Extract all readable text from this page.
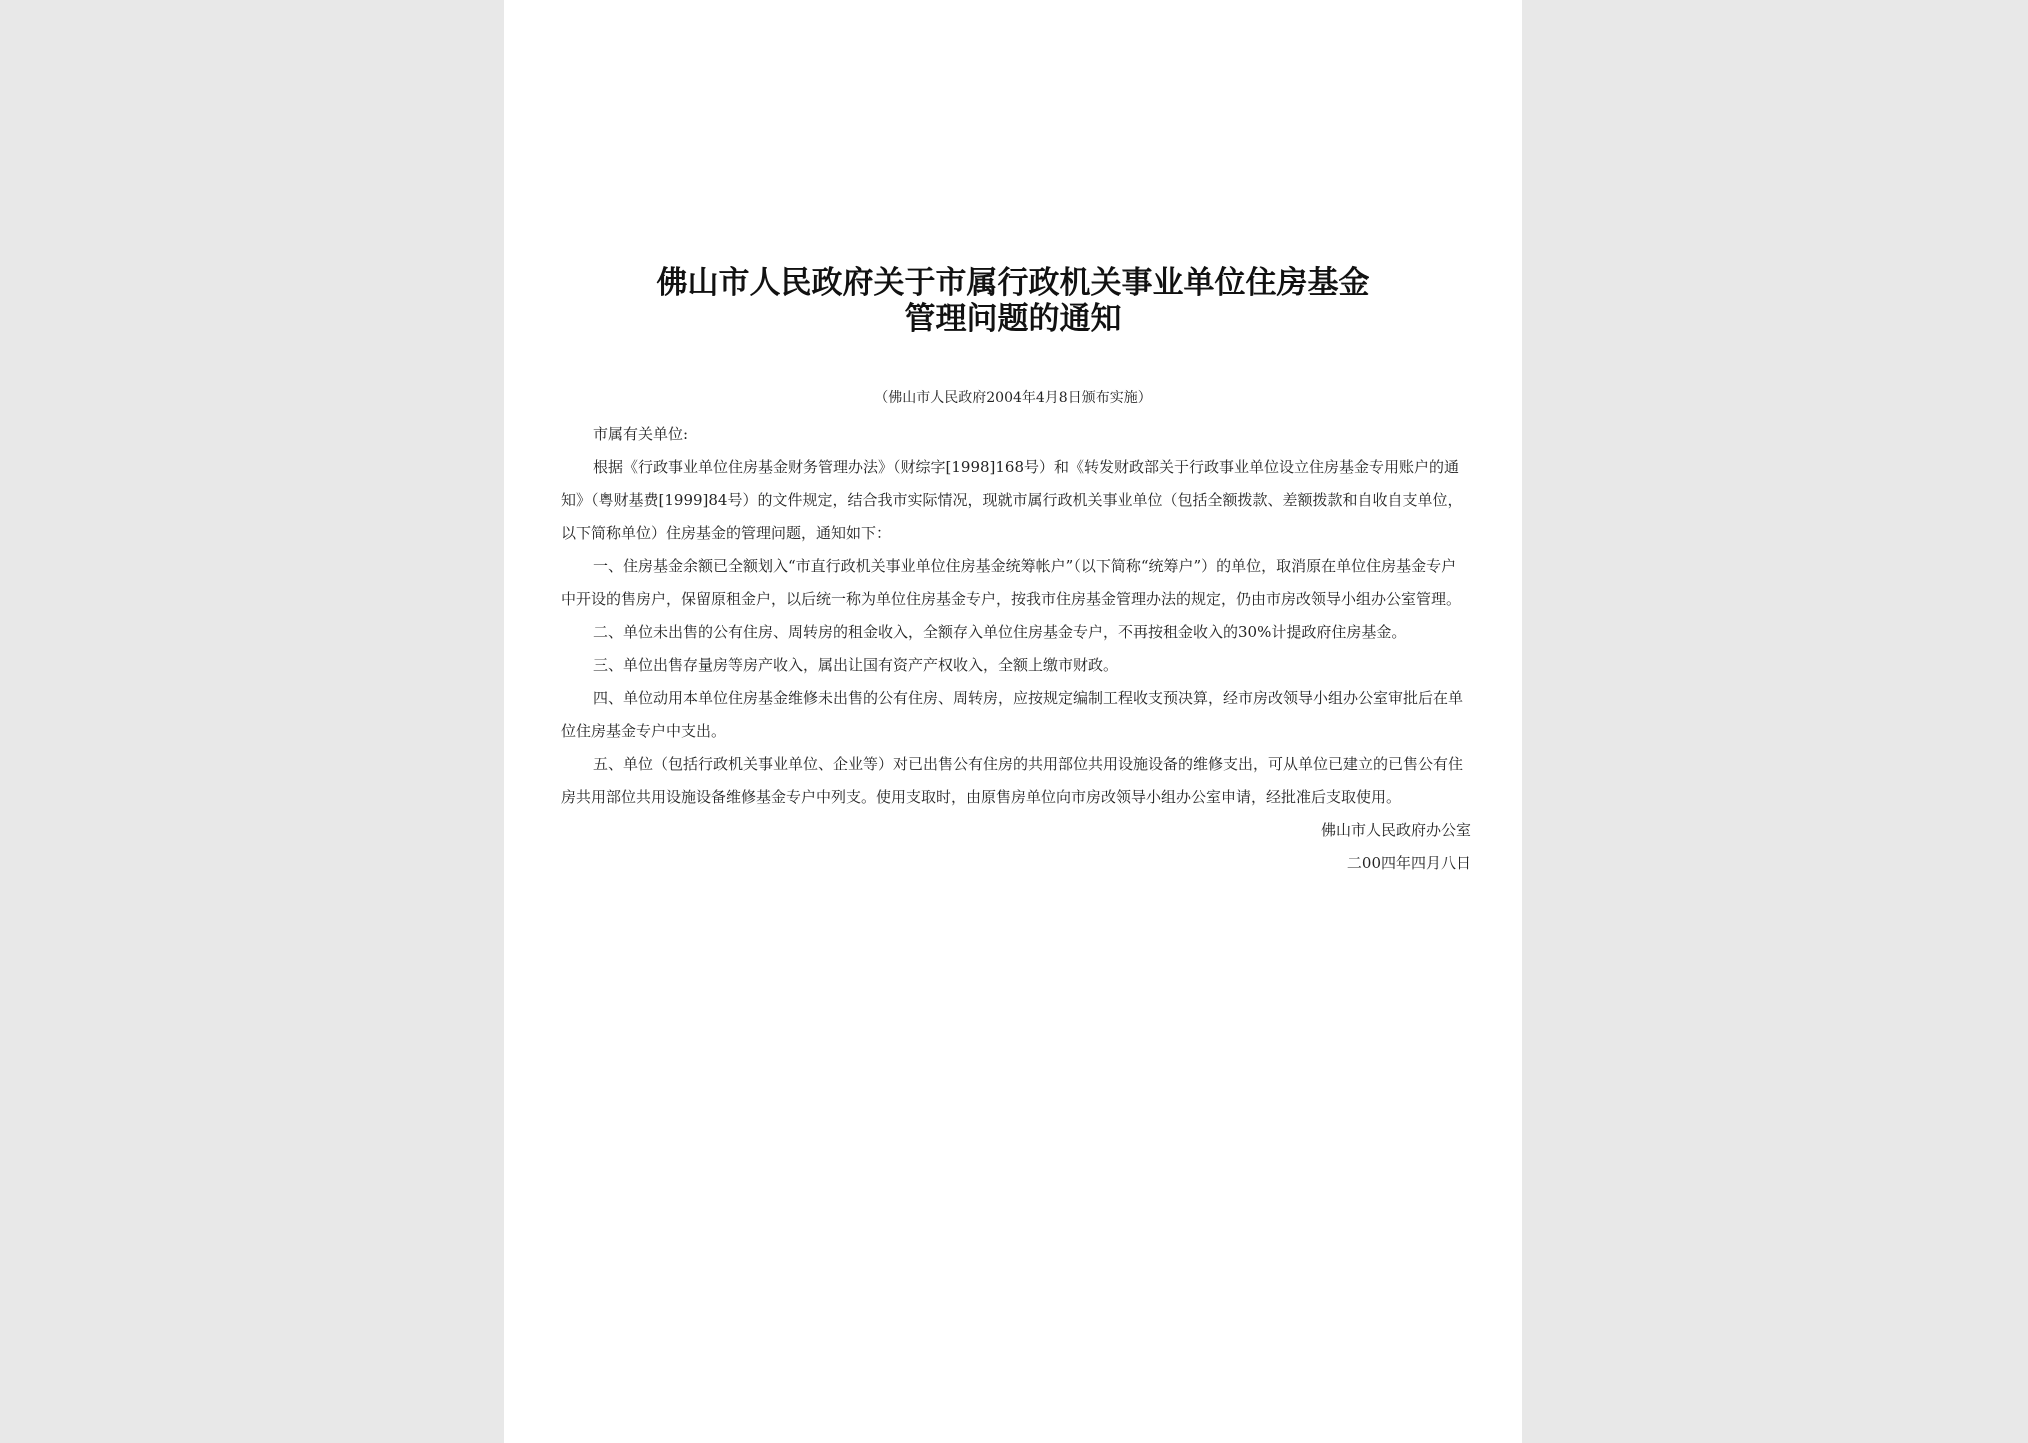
佛山市人民政府关于市属行政机关事业单位住房基金
管理问题的通知
（佛山市人民政府2004年4月8日颁布实施）

市属有关单位:

根据《行政事业单位住房基金财务管理办法》（财综字[1998]168号）和《转发财政部关于行政事业单位设立住房基金专用账户的通知》（粤财基费[1999]84号）的文件规定，结合我市实际情况，现就市属行政机关事业单位（包括全额拨款、差额拨款和自收自支单位，以下简称单位）住房基金的管理问题，通知如下：

一、住房基金余额已全额划入“市直行政机关事业单位住房基金统筹帐户”（以下简称“统筹户”）的单位，取消原在单位住房基金专户中开设的售房户，保留原租金户，以后统一称为单位住房基金专户，按我市住房基金管理办法的规定，仍由市房改领导小组办公室管理。

二、单位未出售的公有住房、周转房的租金收入，全额存入单位住房基金专户，不再按租金收入的30%计提政府住房基金。

三、单位出售存量房等房产收入，属出让国有资产产权收入，全额上缴市财政。

四、单位动用本单位住房基金维修未出售的公有住房、周转房，应按规定编制工程收支预决算，经市房改领导小组办公室审批后在单位住房基金专户中支出。

五、单位（包括行政机关事业单位、企业等）对已出售公有住房的共用部位共用设施设备的维修支出，可从单位已建立的已售公有住房共用部位共用设施设备维修基金专户中列支。使用支取时，由原售房单位向市房改领导小组办公室申请，经批准后支取使用。

佛山市人民政府办公室

二00四年四月八日
